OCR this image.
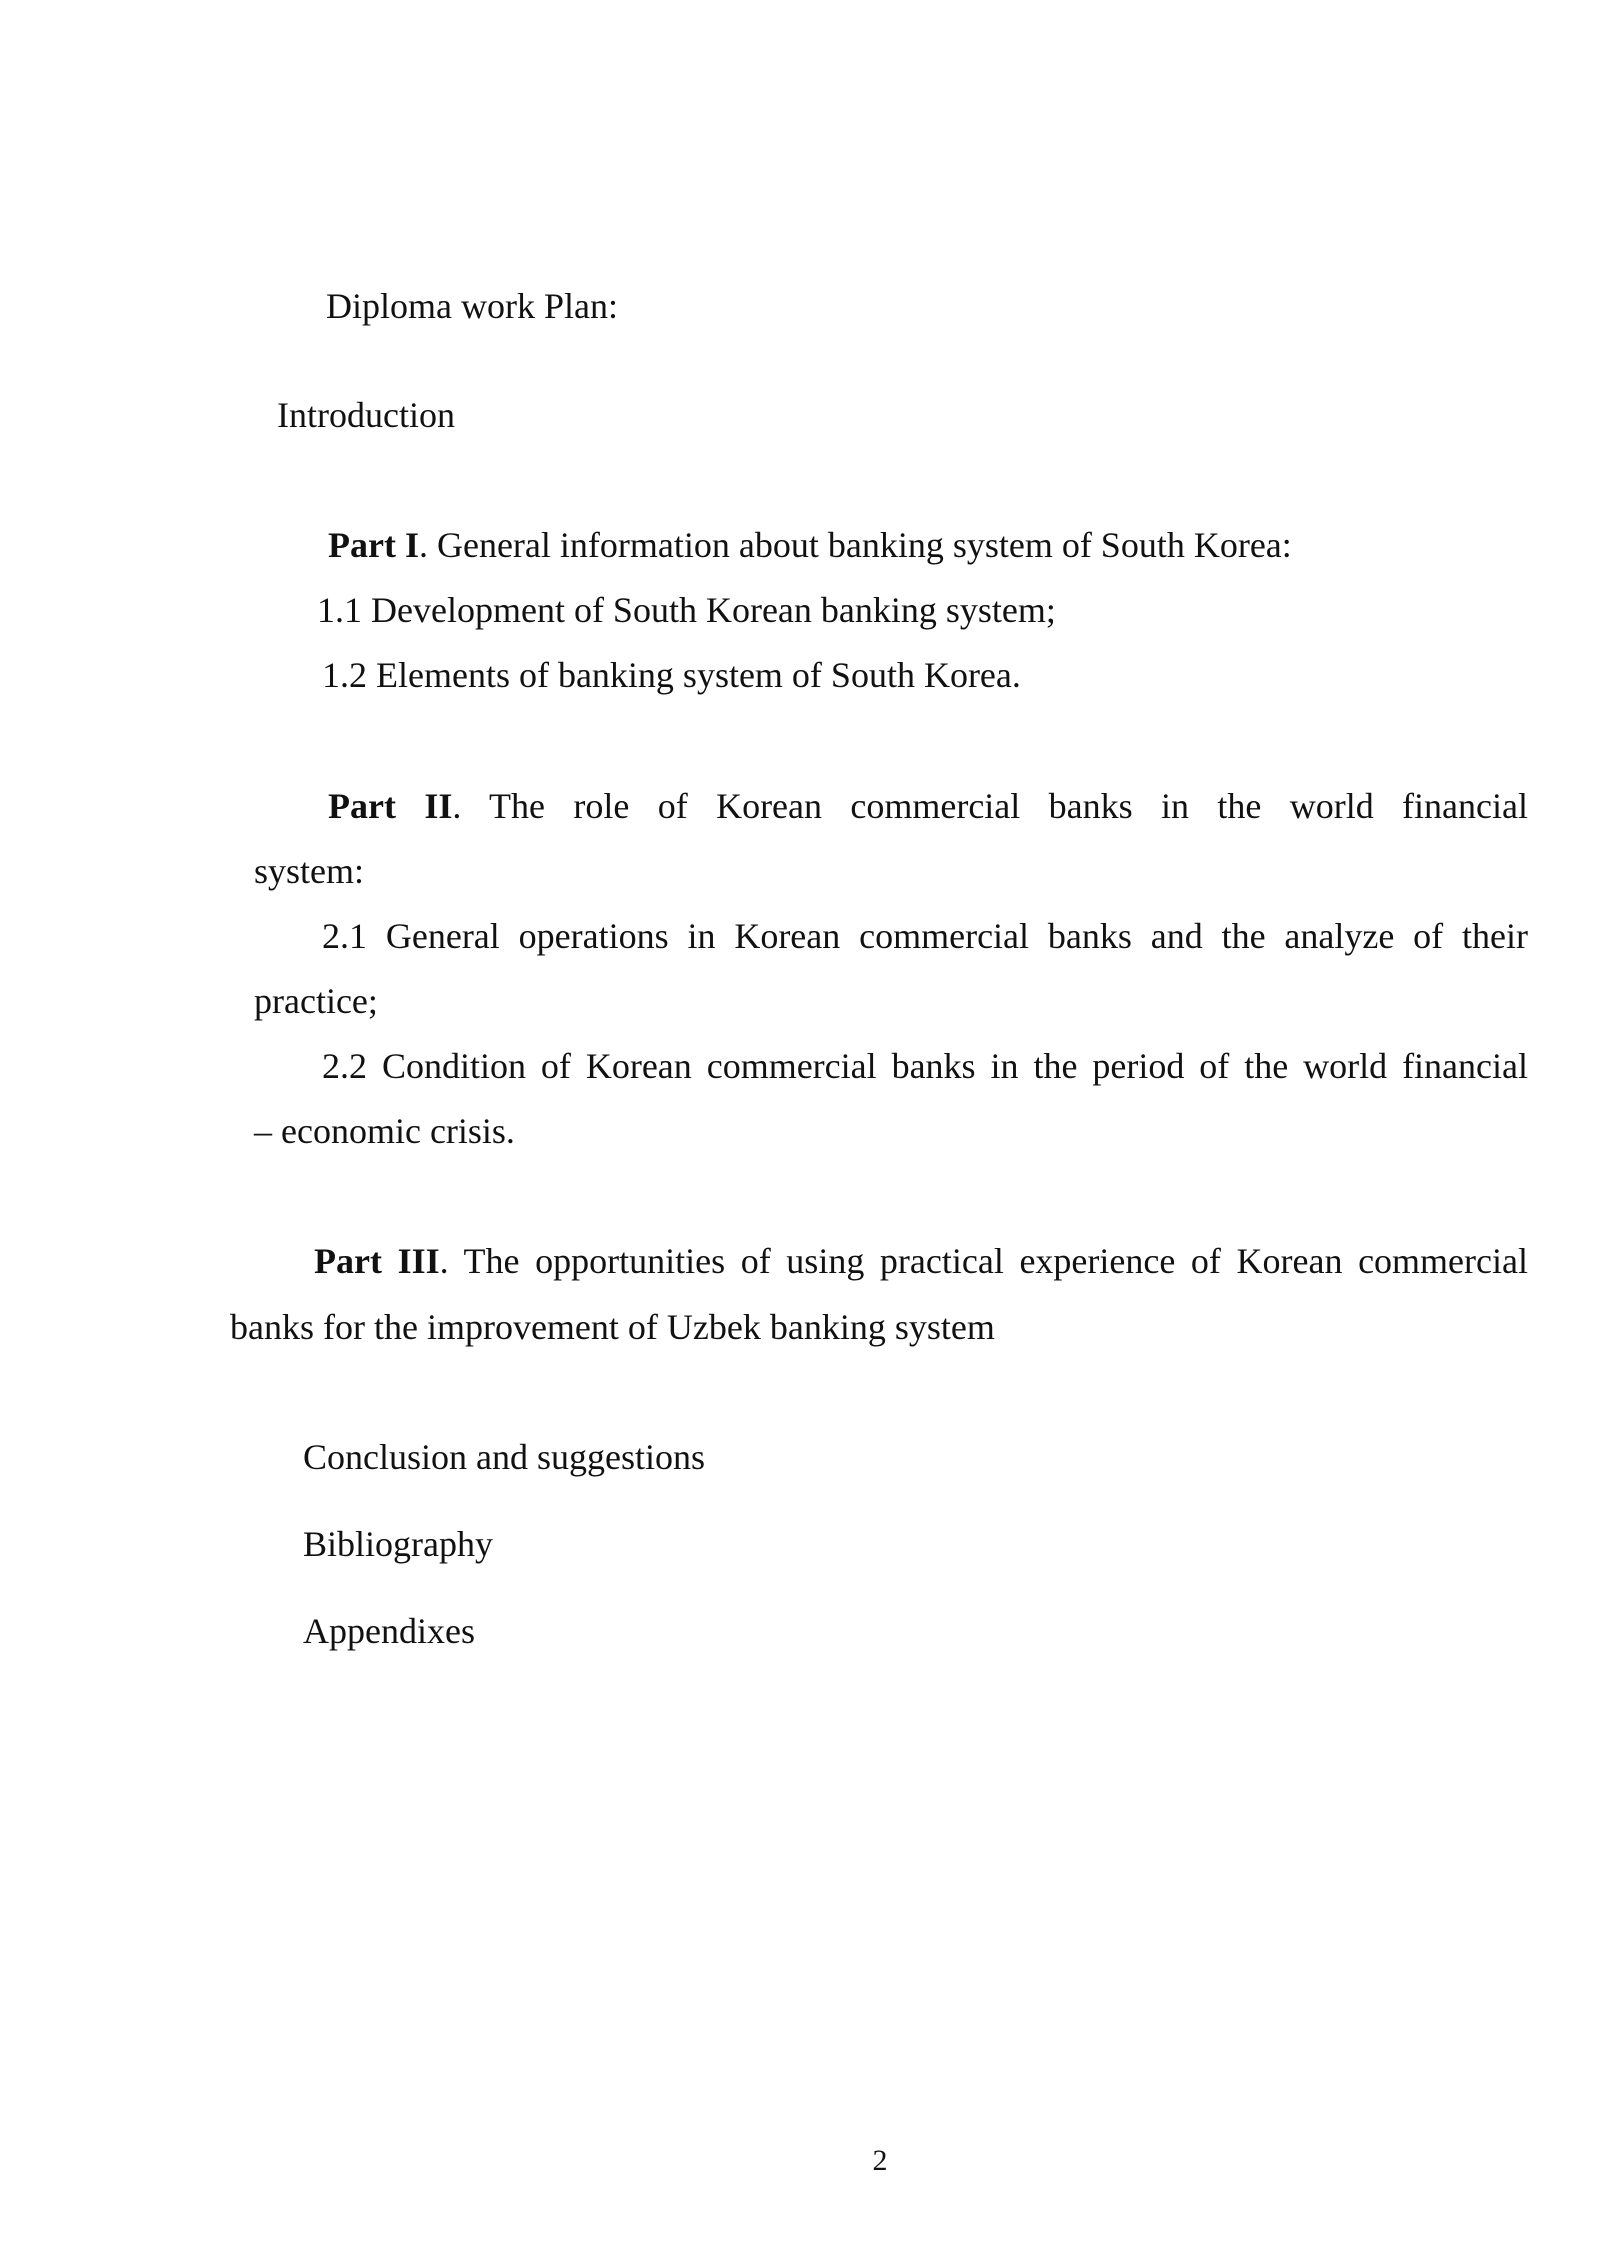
Diploma work Plan:
Introduction
Part I. General information about banking system of South Korea:
1.1 Development of South Korean banking system;
1.2 Elements of banking system of South Korea.
Part II. The role of Korean commercial banks in the world financial
system:
2.1 General operations in Korean commercial banks and the analyze of their
practice;
2.2 Condition of Korean commercial banks in the period of the world financial
– economic crisis.
Part III. The opportunities of using practical experience of Korean commercial
banks for the improvement of Uzbek banking system
Conclusion and suggestions
Bibliography
Appendixes
2
